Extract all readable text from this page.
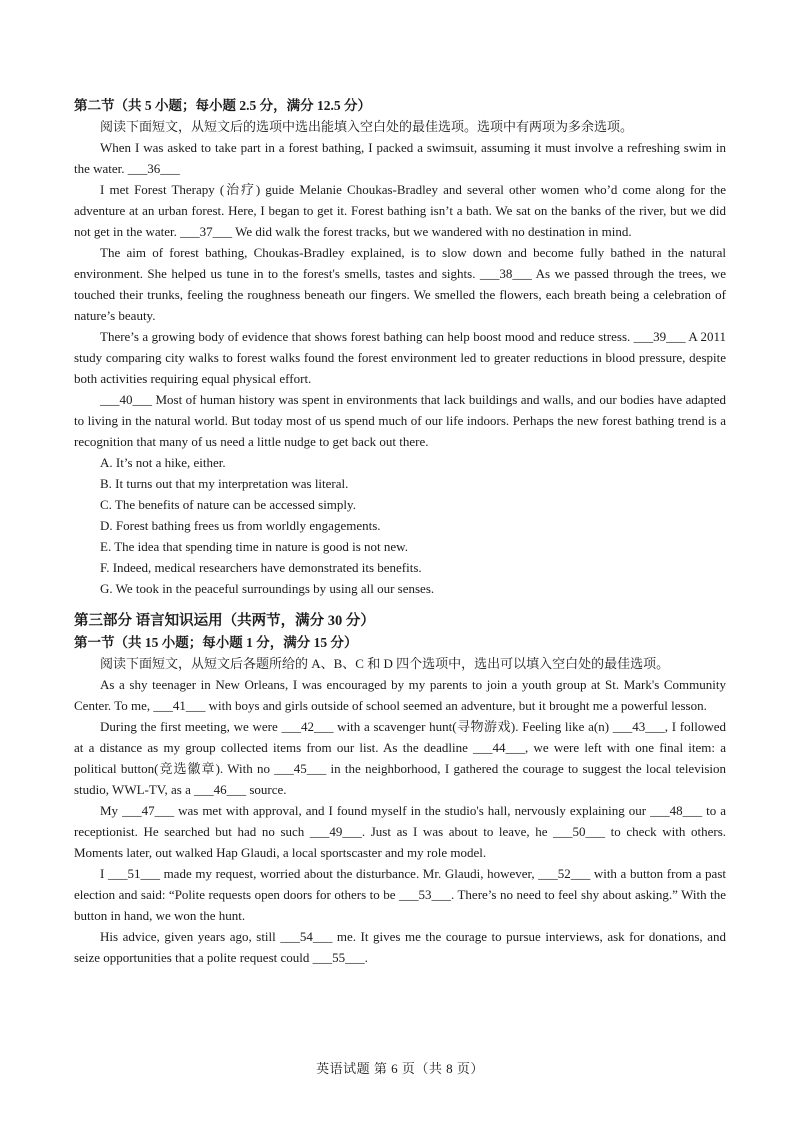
第二节（共 5 小题；每小题 2.5 分，满分 12.5 分）

阅读下面短文，从短文后的选项中选出能填入空白处的最佳选项。选项中有两项为多余选项。

When I was asked to take part in a forest bathing, I packed a swimsuit, assuming it must involve a refreshing swim in the water. ___36___

I met Forest Therapy (治疗) guide Melanie Choukas-Bradley and several other women who’d come along for the adventure at an urban forest. Here, I began to get it. Forest bathing isn’t a bath. We sat on the banks of the river, but we did not get in the water. ___37___ We did walk the forest tracks, but we wandered with no destination in mind.

The aim of forest bathing, Choukas-Bradley explained, is to slow down and become fully bathed in the natural environment. She helped us tune in to the forest's smells, tastes and sights. ___38___ As we passed through the trees, we touched their trunks, feeling the roughness beneath our fingers. We smelled the flowers, each breath being a celebration of nature’s beauty.

There’s a growing body of evidence that shows forest bathing can help boost mood and reduce stress. ___39___ A 2011 study comparing city walks to forest walks found the forest environment led to greater reductions in blood pressure, despite both activities requiring equal physical effort.

___40___ Most of human history was spent in environments that lack buildings and walls, and our bodies have adapted to living in the natural world. But today most of us spend much of our life indoors. Perhaps the new forest bathing trend is a recognition that many of us need a little nudge to get back out there.

A. It’s not a hike, either.

B. It turns out that my interpretation was literal.

C. The benefits of nature can be accessed simply.

D. Forest bathing frees us from worldly engagements.

E. The idea that spending time in nature is good is not new.

F. Indeed, medical researchers have demonstrated its benefits.

G. We took in the peaceful surroundings by using all our senses.

第三部分 语言知识运用（共两节，满分 30 分）

第一节（共 15 小题；每小题 1 分，满分 15 分）

阅读下面短文，从短文后各题所给的 A、B、C 和 D 四个选项中，选出可以填入空白处的最佳选项。

As a shy teenager in New Orleans, I was encouraged by my parents to join a youth group at St. Mark's Community Center. To me, ___41___ with boys and girls outside of school seemed an adventure, but it brought me a powerful lesson.

During the first meeting, we were ___42___ with a scavenger hunt(寻物游戏). Feeling like a(n) ___43___, I followed at a distance as my group collected items from our list. As the deadline ___44___, we were left with one final item: a political button(竞选徽章). With no ___45___ in the neighborhood, I gathered the courage to suggest the local television studio, WWL-TV, as a ___46___ source.

My ___47___ was met with approval, and I found myself in the studio's hall, nervously explaining our ___48___ to a receptionist. He searched but had no such ___49___. Just as I was about to leave, he ___50___ to check with others. Moments later, out walked Hap Glaudi, a local sportscaster and my role model.

I ___51___ made my request, worried about the disturbance. Mr. Glaudi, however, ___52___ with a button from a past election and said: “Polite requests open doors for others to be ___53___. There’s no need to feel shy about asking.” With the button in hand, we won the hunt.

His advice, given years ago, still ___54___ me. It gives me the courage to pursue interviews, ask for donations, and seize opportunities that a polite request could ___55___.

英语试题 第 6 页（共 8 页）
